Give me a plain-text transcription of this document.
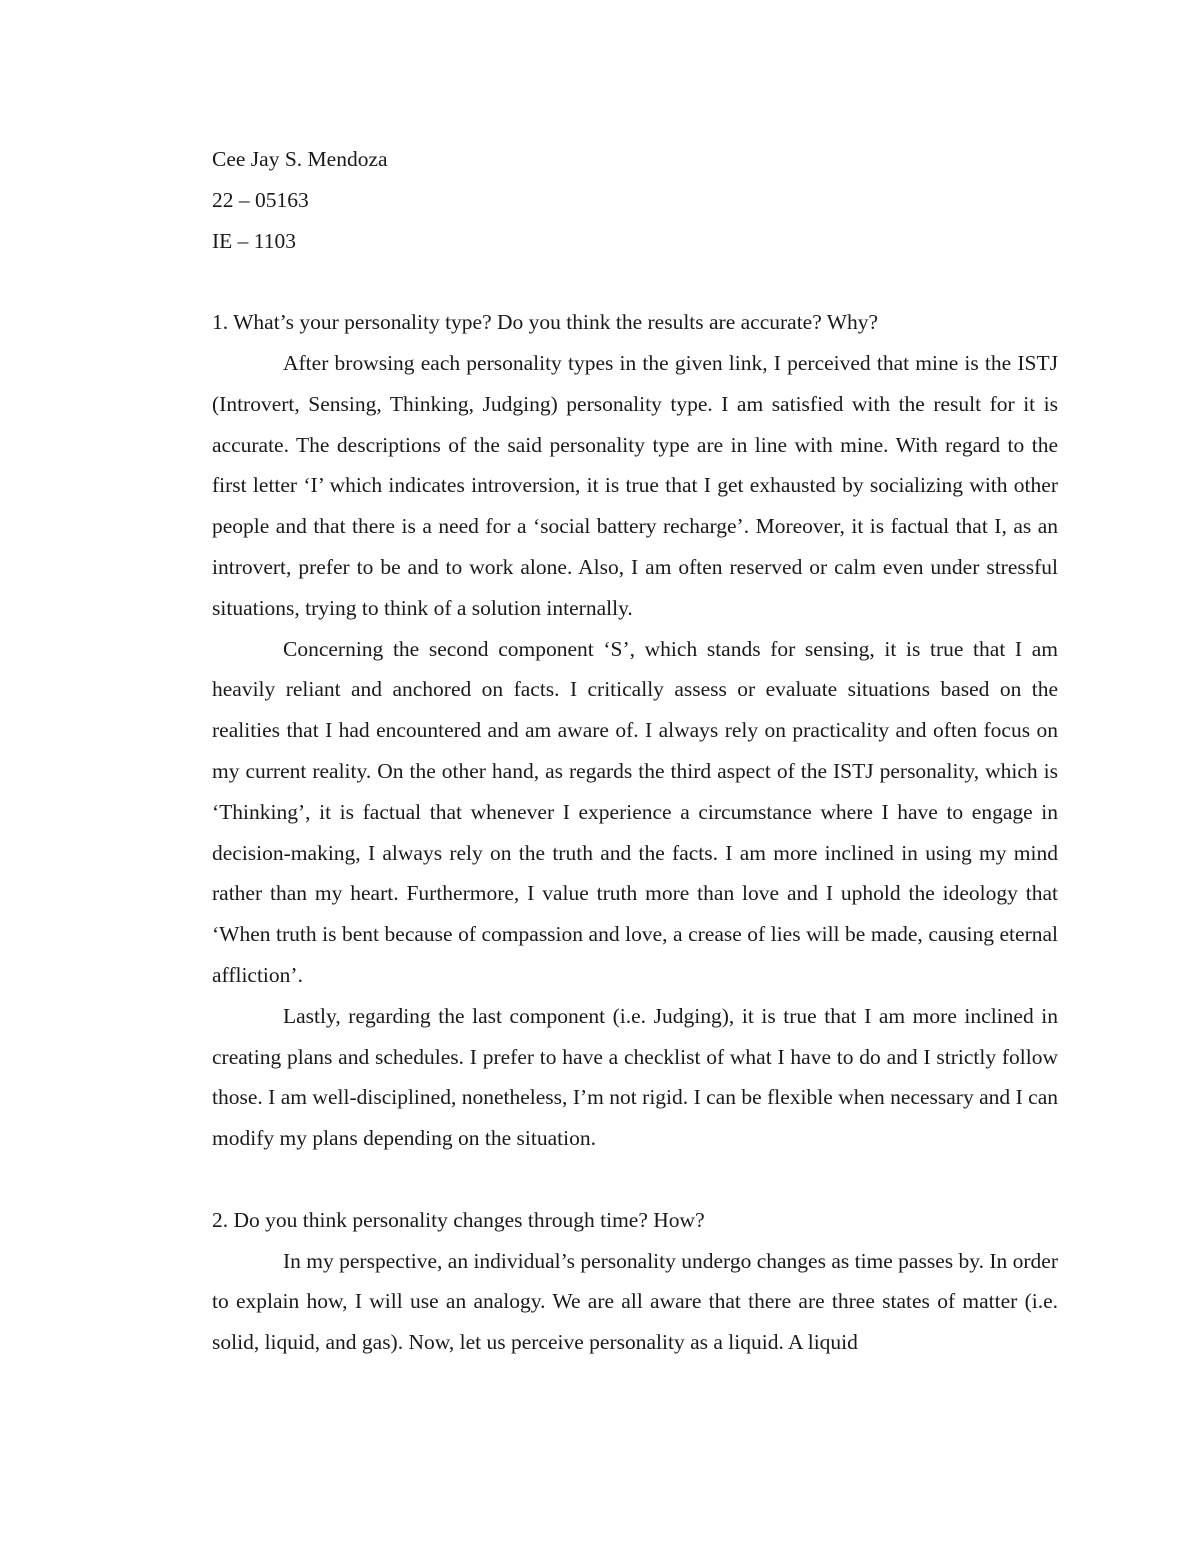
Cee Jay S. Mendoza

22 – 05163

IE – 1103

1. What’s your personality type? Do you think the results are accurate? Why?

After browsing each personality types in the given link, I perceived that mine is the ISTJ (Introvert, Sensing, Thinking, Judging) personality type. I am satisfied with the result for it is accurate. The descriptions of the said personality type are in line with mine. With regard to the first letter ‘I’ which indicates introversion, it is true that I get exhausted by socializing with other people and that there is a need for a ‘social battery recharge’. Moreover, it is factual that I, as an introvert, prefer to be and to work alone. Also, I am often reserved or calm even under stressful situations, trying to think of a solution internally.

Concerning the second component ‘S’, which stands for sensing, it is true that I am heavily reliant and anchored on facts. I critically assess or evaluate situations based on the realities that I had encountered and am aware of. I always rely on practicality and often focus on my current reality. On the other hand, as regards the third aspect of the ISTJ personality, which is ‘Thinking’, it is factual that whenever I experience a circumstance where I have to engage in decision-making, I always rely on the truth and the facts. I am more inclined in using my mind rather than my heart. Furthermore, I value truth more than love and I uphold the ideology that ‘When truth is bent because of compassion and love, a crease of lies will be made, causing eternal affliction’.

Lastly, regarding the last component (i.e. Judging), it is true that I am more inclined in creating plans and schedules. I prefer to have a checklist of what I have to do and I strictly follow those. I am well-disciplined, nonetheless, I’m not rigid. I can be flexible when necessary and I can modify my plans depending on the situation.

2. Do you think personality changes through time? How?

In my perspective, an individual’s personality undergo changes as time passes by. In order to explain how, I will use an analogy. We are all aware that there are three states of matter (i.e. solid, liquid, and gas). Now, let us perceive personality as a liquid. A liquid
